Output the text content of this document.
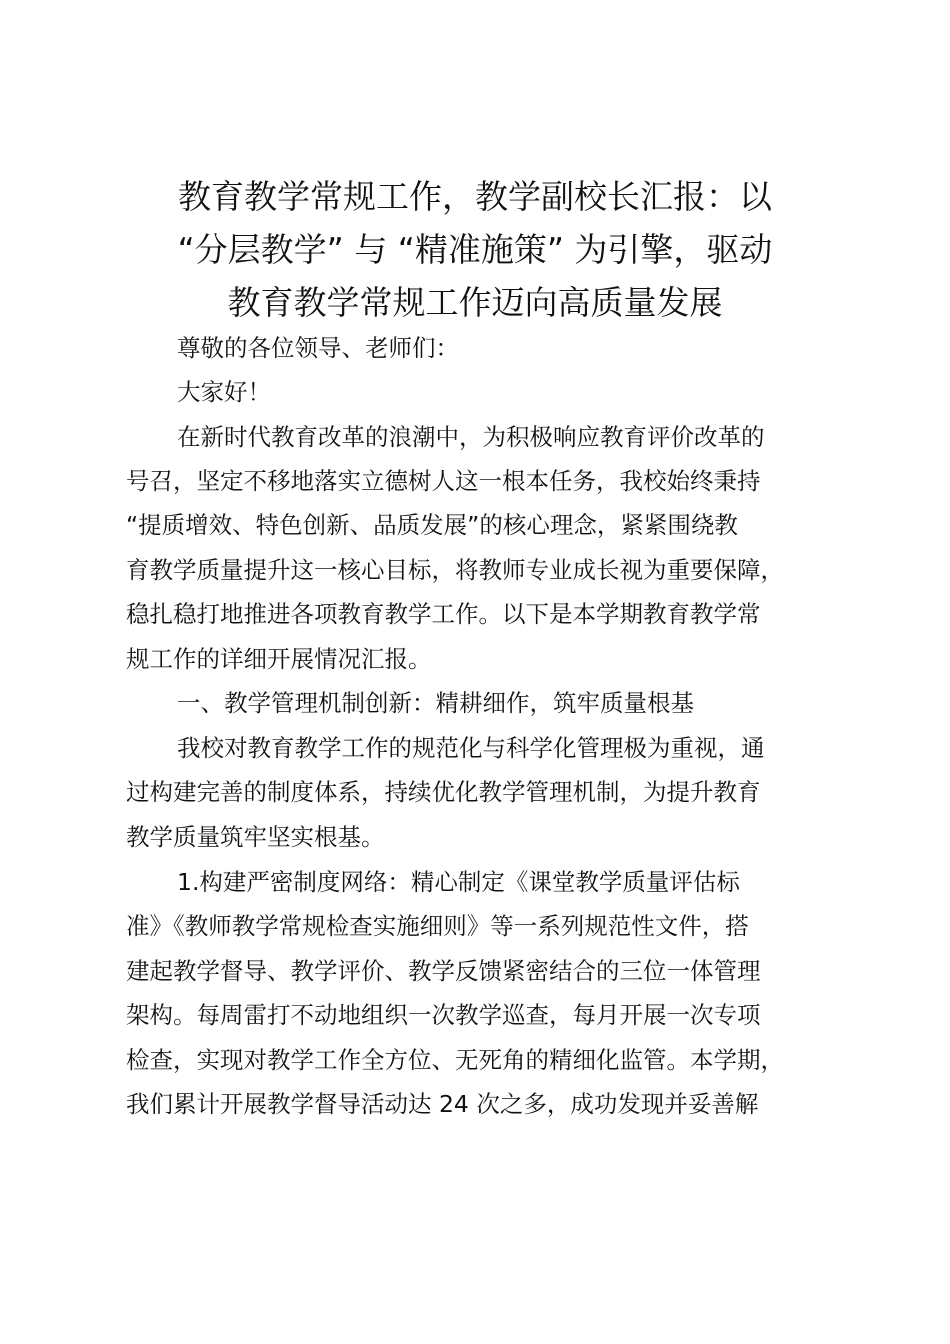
教育教学常规工作，教学副校长汇报：以
“分层教学” 与 “精准施策” 为引擎，驱动
教育教学常规工作迈向高质量发展

尊敬的各位领导、老师们：

大家好！

在新时代教育改革的浪潮中，为积极响应教育评价改革的

号召，坚定不移地落实立德树人这一根本任务，我校始终秉持

“提质增效、特色创新、品质发展”的核心理念，紧紧围绕教

育教学质量提升这一核心目标，将教师专业成长视为重要保障，

稳扎稳打地推进各项教育教学工作。以下是本学期教育教学常

规工作的详细开展情况汇报。

一、教学管理机制创新：精耕细作，筑牢质量根基

我校对教育教学工作的规范化与科学化管理极为重视，通

过构建完善的制度体系，持续优化教学管理机制，为提升教育

教学质量筑牢坚实根基。

1.构建严密制度网络：精心制定《课堂教学质量评估标

准》《教师教学常规检查实施细则》等一系列规范性文件，搭

建起教学督导、教学评价、教学反馈紧密结合的三位一体管理

架构。每周雷打不动地组织一次教学巡查，每月开展一次专项

检查，实现对教学工作全方位、无死角的精细化监管。本学期，

我们累计开展教学督导活动达 24 次之多，成功发现并妥善解
